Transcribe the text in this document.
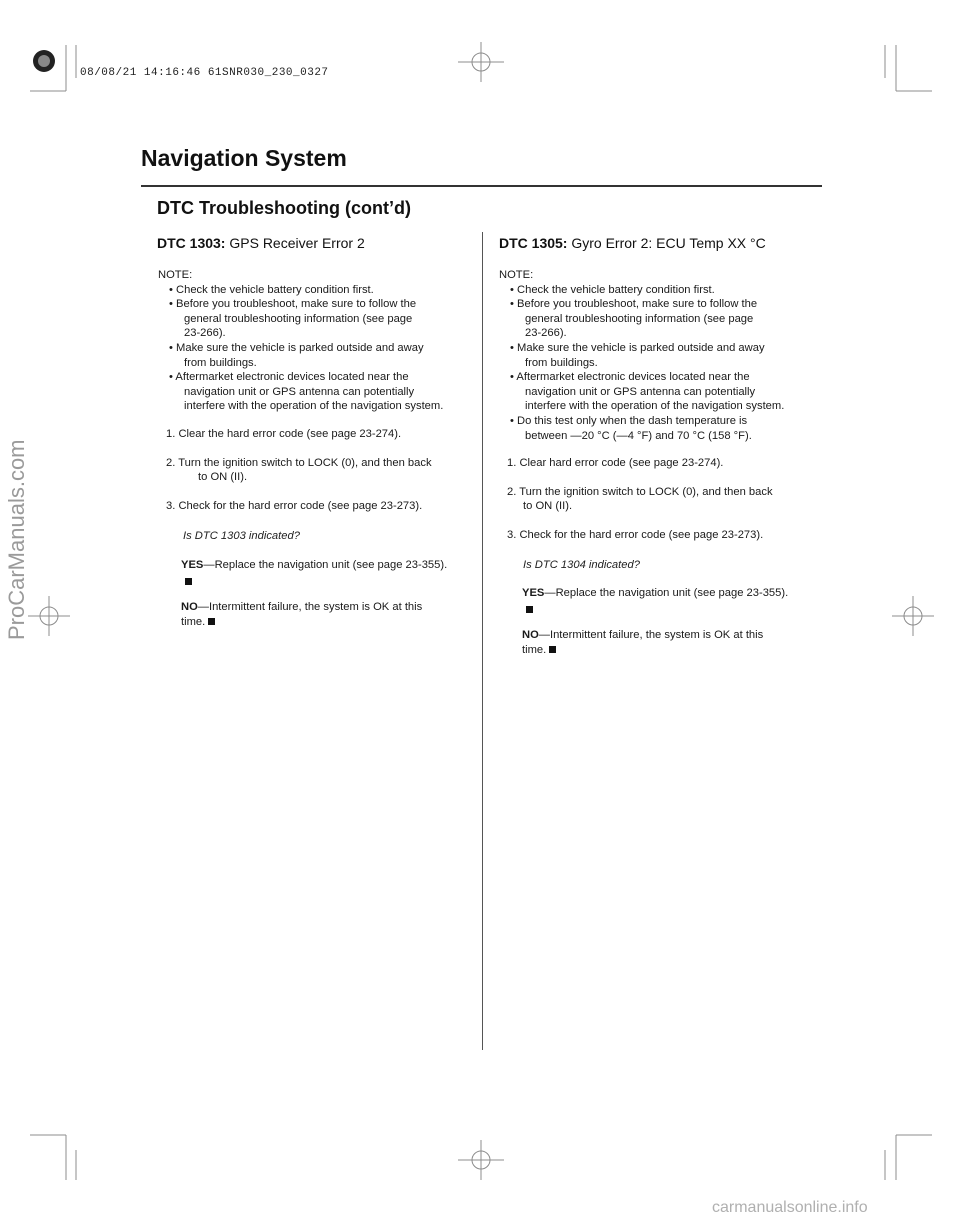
08/08/21 14:16:46 61SNR030_230_0327
Navigation System
DTC Troubleshooting (cont’d)
DTC 1303: GPS Receiver Error 2

NOTE:

• Check the vehicle battery condition first.

• Before you troubleshoot, make sure to follow the

general troubleshooting information (see page

23-266).

• Make sure the vehicle is parked outside and away

from buildings.

• Aftermarket electronic devices located near the

navigation unit or GPS antenna can potentially

interfere with the operation of the navigation system.

1. Clear the hard error code (see page 23-274).

2. Turn the ignition switch to LOCK (0), and then back

to ON (II).

3. Check for the hard error code (see page 23-273).

Is DTC 1303 indicated?

YES—Replace the navigation unit (see page 23-355).

NO—Intermittent failure, the system is OK at this

time.

DTC 1305: Gyro Error 2: ECU Temp XX °C

NOTE:

• Check the vehicle battery condition first.

• Before you troubleshoot, make sure to follow the

general troubleshooting information (see page

23-266).

• Make sure the vehicle is parked outside and away

from buildings.

• Aftermarket electronic devices located near the

navigation unit or GPS antenna can potentially

interfere with the operation of the navigation system.

• Do this test only when the dash temperature is

between —20 °C (—4 °F) and 70 °C (158 °F).

1. Clear hard error code (see page 23-274).

2. Turn the ignition switch to LOCK (0), and then back

to ON (II).

3. Check for the hard error code (see page 23-273).

Is DTC 1304 indicated?

YES—Replace the navigation unit (see page 23-355).

NO—Intermittent failure, the system is OK at this

time.

ProCarManuals.com
carmanualsonline.info
